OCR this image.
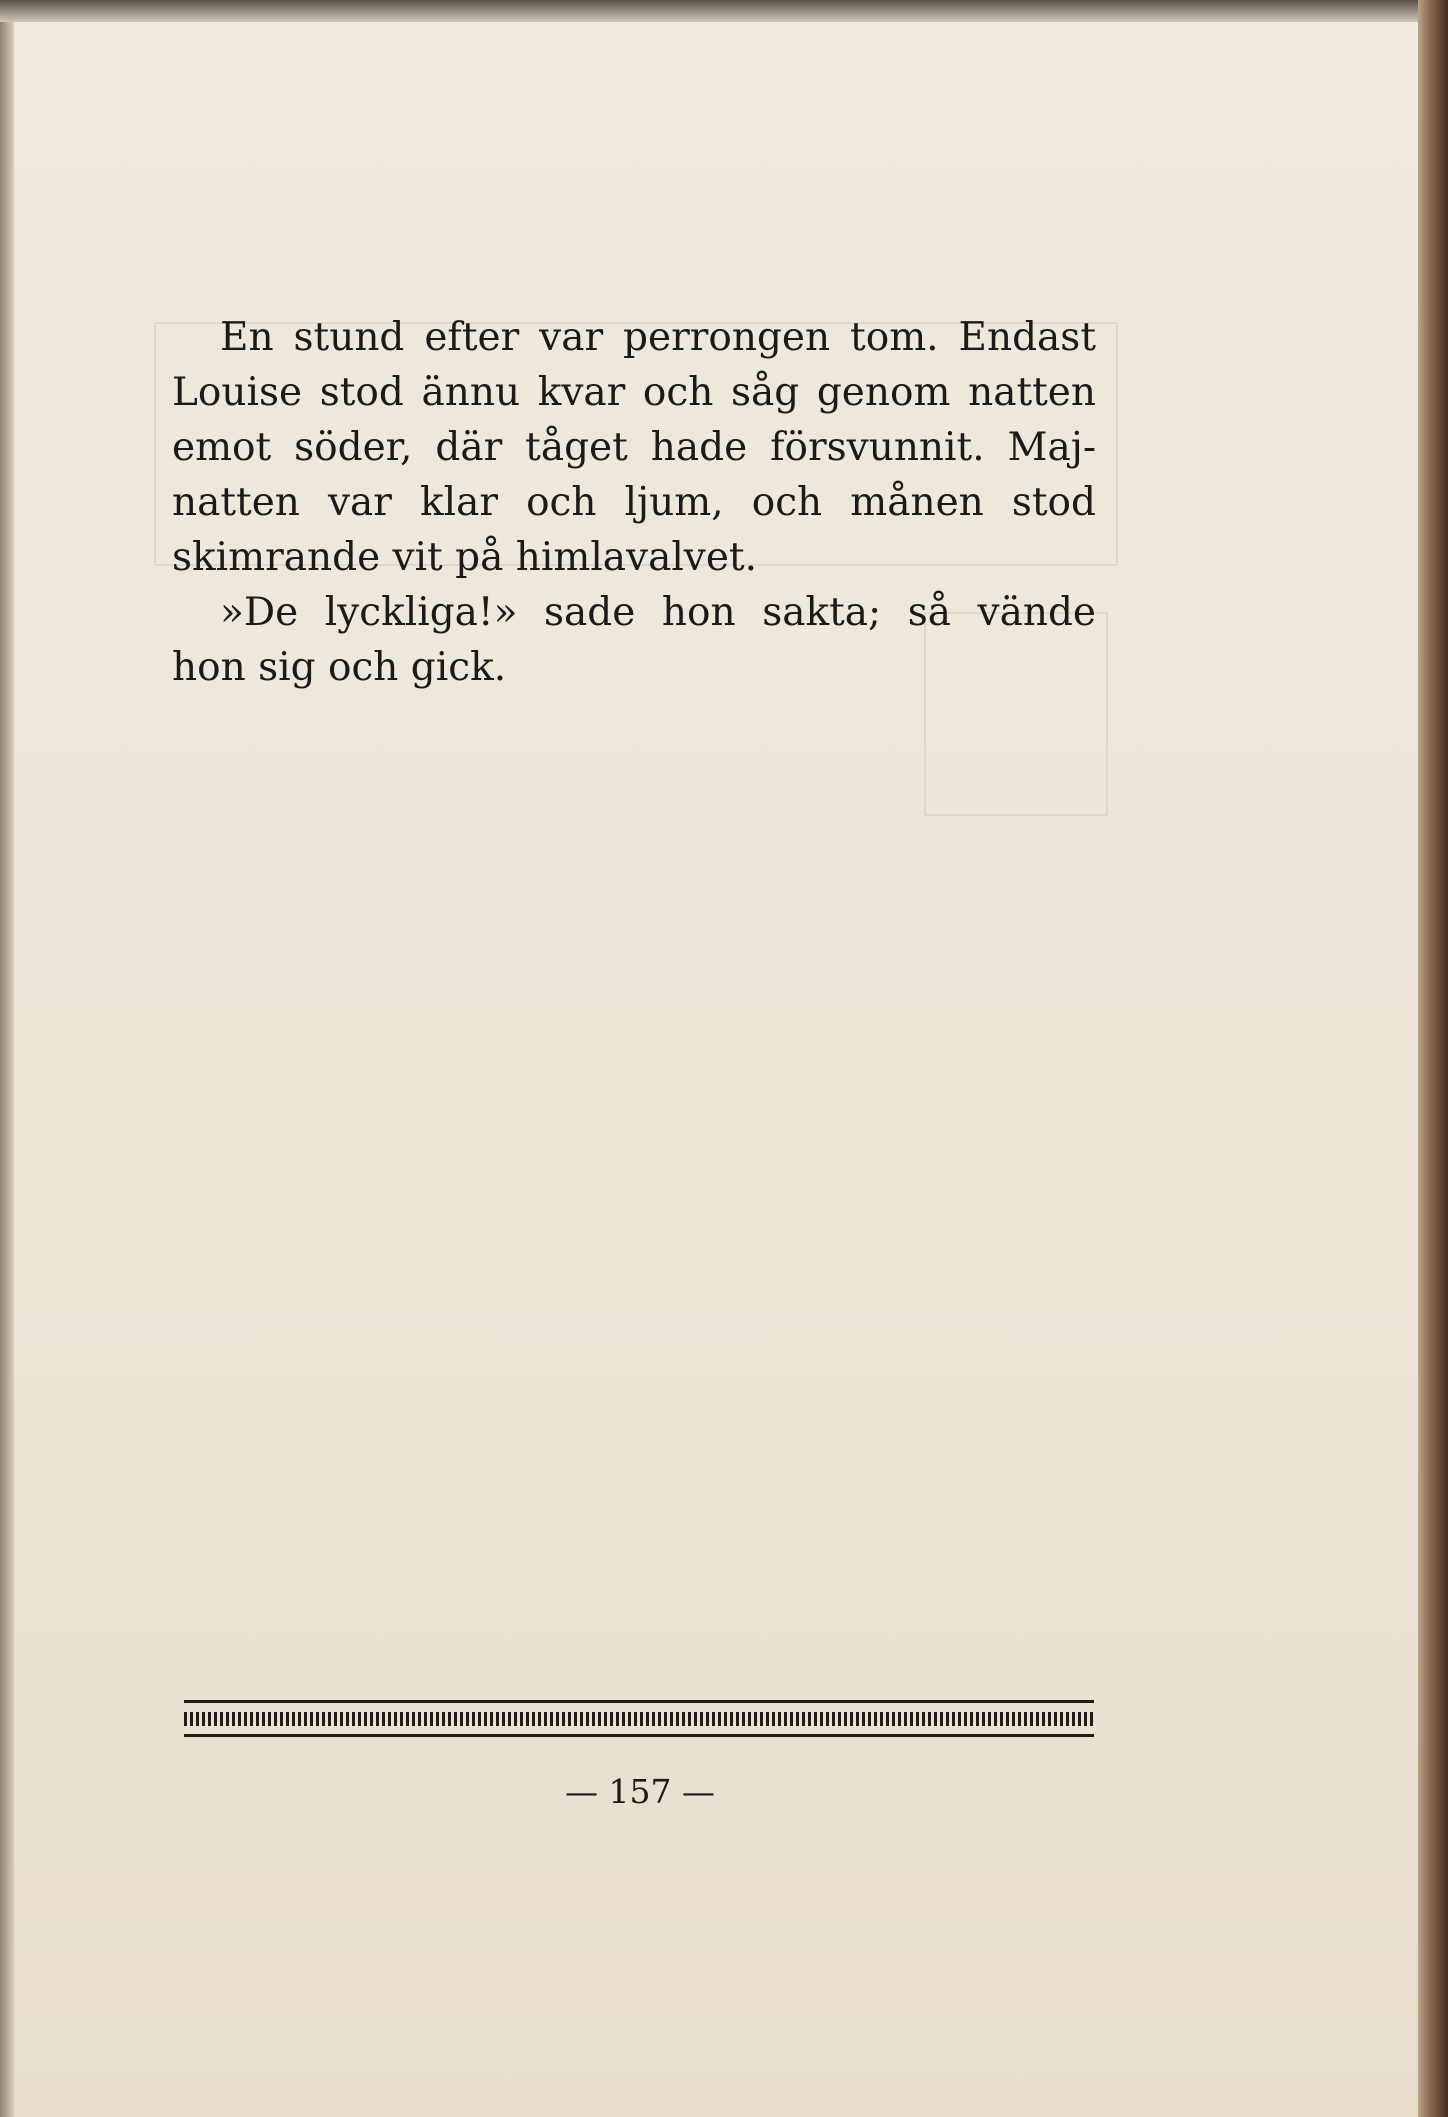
En stund efter var perrongen tom. Endast Louise stod ännu kvar och såg genom natten emot söder, där tåget hade försvunnit. Majnatten var klar och ljum, och månen stod skimrande vit på himlavalvet.

»De lyckliga!» sade hon sakta; så vände hon sig och gick.

— 157 —
